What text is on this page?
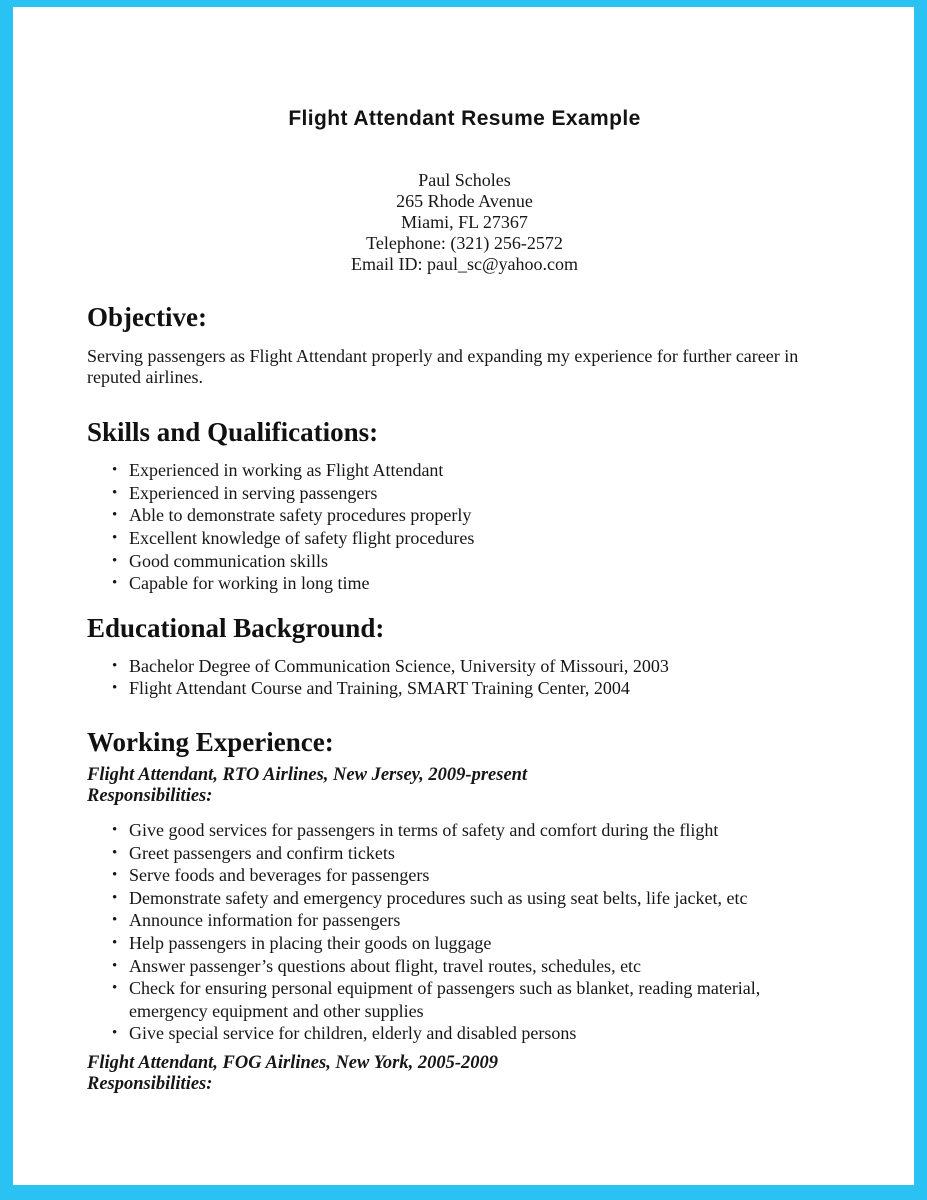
Flight Attendant Resume Example
Paul Scholes
265 Rhode Avenue
Miami, FL 27367
Telephone: (321) 256-2572
Email ID: paul_sc@yahoo.com
Objective:

Serving passengers as Flight Attendant properly and expanding my experience for further career in reputed airlines.

Skills and Qualifications:
• Experienced in working as Flight Attendant
• Experienced in serving passengers
• Able to demonstrate safety procedures properly
• Excellent knowledge of safety flight procedures
• Good communication skills
• Capable for working in long time
Educational Background:
• Bachelor Degree of Communication Science, University of Missouri, 2003
• Flight Attendant Course and Training, SMART Training Center, 2004
Working Experience:

Flight Attendant, RTO Airlines, New Jersey, 2009-present

Responsibilities:

• Give good services for passengers in terms of safety and comfort during the flight
• Greet passengers and confirm tickets
• Serve foods and beverages for passengers
• Demonstrate safety and emergency procedures such as using seat belts, life jacket, etc
• Announce information for passengers
• Help passengers in placing their goods on luggage
• Answer passenger’s questions about flight, travel routes, schedules, etc
• Check for ensuring personal equipment of passengers such as blanket, reading material, emergency equipment and other supplies
• Give special service for children, elderly and disabled persons

Flight Attendant, FOG Airlines, New York, 2005-2009

Responsibilities:
